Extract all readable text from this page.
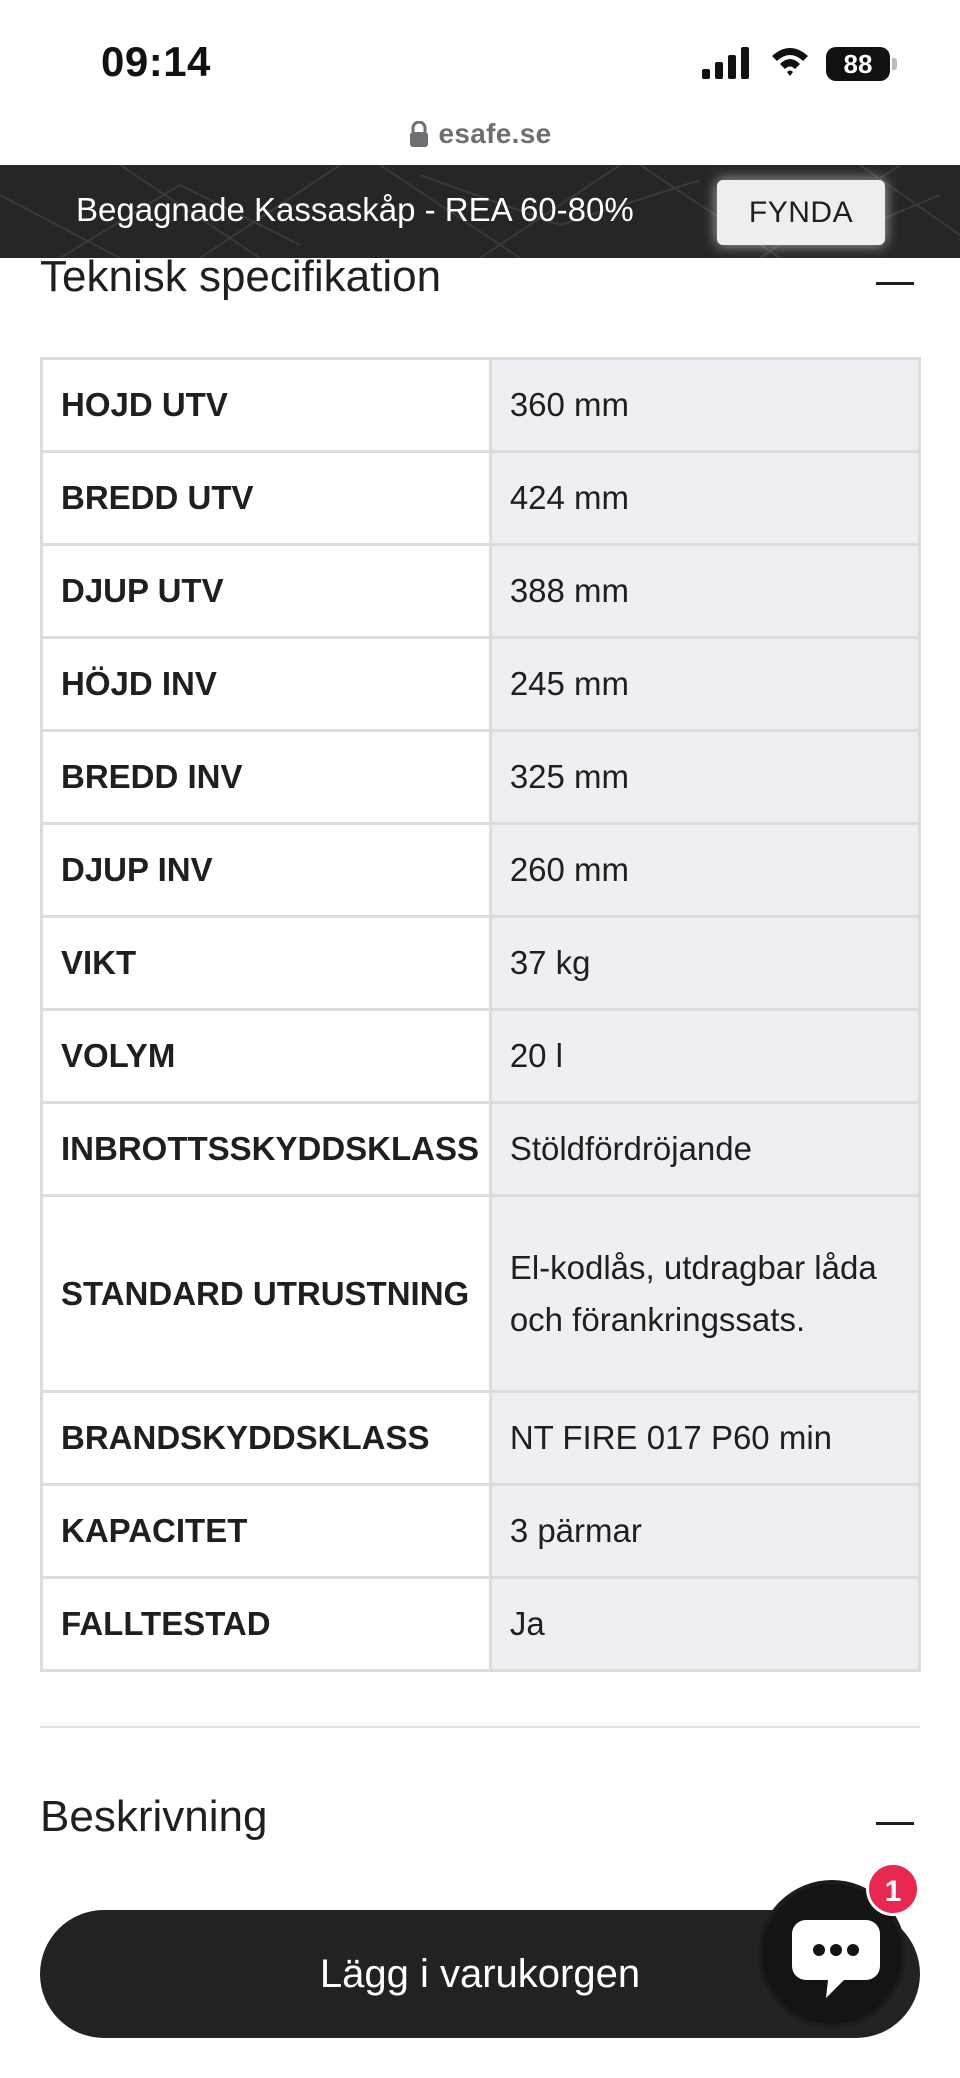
09:14	88
esafe.se
Begagnade Kassaskåp - REA 60-80%	FYNDA
Teknisk specifikation
HOJD UTV	360 mm
BREDD UTV	424 mm
DJUP UTV	388 mm
HÖJD INV	245 mm
BREDD INV	325 mm
DJUP INV	260 mm
VIKT	37 kg
VOLYM	20 l
INBROTTSSKYDDSKLASS	Stöldfördröjande
STANDARD UTRUSTNING	El-kodlås, utdragbar låda och förankringssats.
BRANDSKYDDSKLASS	NT FIRE 017 P60 min
KAPACITET	3 pärmar
FALLTESTAD	Ja
Beskrivning
Lägg i varukorgen
1
